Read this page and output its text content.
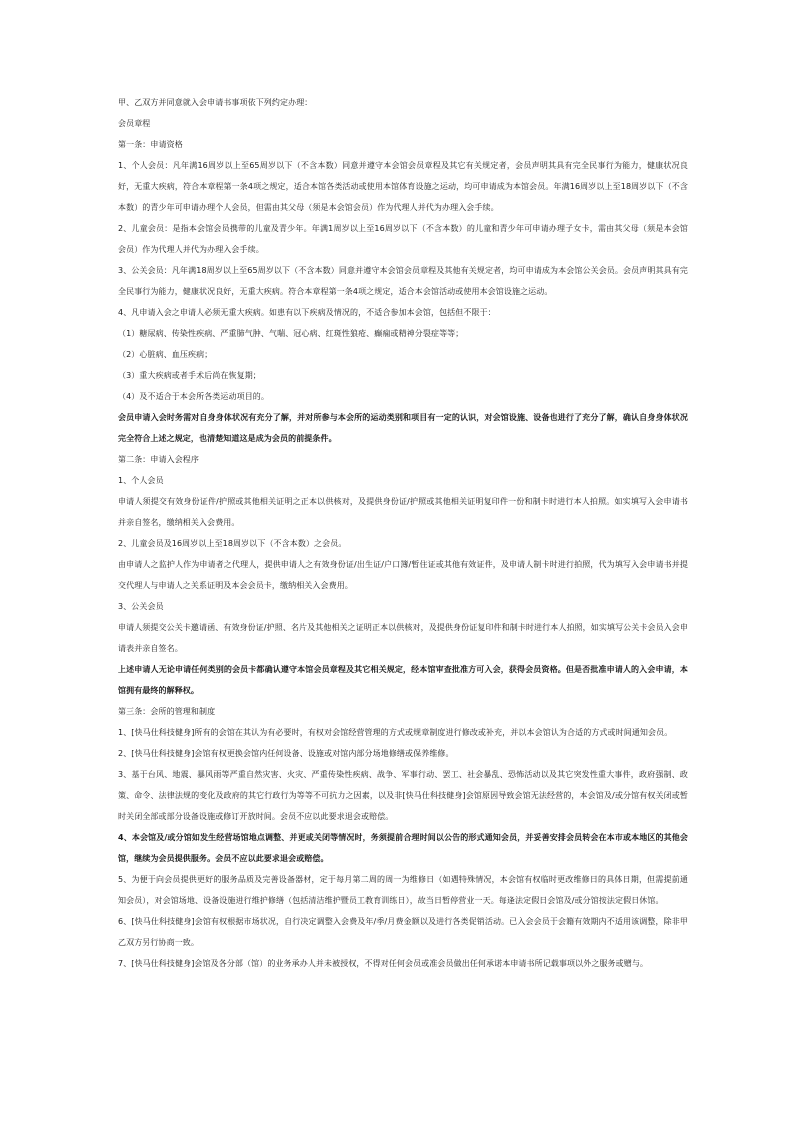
甲、乙双方并同意就入会申请书事项依下列约定办理：

会员章程

第一条：申请资格

1、个人会员：凡年满16周岁以上至65周岁以下（不含本数）同意并遵守本会馆会员章程及其它有关规定者，会员声明其具有完全民事行为能力，健康状况良好，无重大疾病，符合本章程第一条4项之规定，适合本馆各类活动或使用本馆体育设施之运动，均可申请成为本馆会员。年满16周岁以上至18周岁以下（不含本数）的青少年可申请办理个人会员，但需由其父母（须是本会馆会员）作为代理人并代为办理入会手续。

2、儿童会员：是指本会馆会员携带的儿童及青少年。年满1周岁以上至16周岁以下（不含本数）的儿童和青少年可申请办理子女卡，需由其父母（须是本会馆会员）作为代理人并代为办理入会手续。

3、公关会员：凡年满18周岁以上至65周岁以下（不含本数）同意并遵守本会馆会员章程及其他有关规定者，均可申请成为本会馆公关会员。会员声明其具有完全民事行为能力，健康状况良好，无重大疾病。符合本章程第一条4项之规定，适合本会馆活动或使用本会馆设施之运动。

4、凡申请入会之申请人必须无重大疾病。如患有以下疾病及情况的，不适合参加本会馆，包括但不限于：

（1）糖尿病、传染性疾病、严重肺气肿、气喘、冠心病、红斑性狼疮、癫痫或精神分裂症等等；

（2）心脏病、血压疾病；

（3）重大疾病或者手术后尚在恢复期；

（4）及不适合于本会所各类运动项目的。

会员申请入会时务需对自身身体状况有充分了解，并对所参与本会所的运动类别和项目有一定的认识，对会馆设施、设备也进行了充分了解，确认自身身体状况完全符合上述之规定，也清楚知道这是成为会员的前提条件。

第二条：申请入会程序

1、个人会员

申请人须提交有效身份证件/护照或其他相关证明之正本以供核对，及提供身份证/护照或其他相关证明复印件一份和制卡时进行本人拍照。如实填写入会申请书并亲自签名，缴纳相关入会费用。

2、儿童会员及16周岁以上至18周岁以下（不含本数）之会员。

由申请人之监护人作为申请者之代理人，提供申请人之有效身份证/出生证/户口簿/暂住证或其他有效证件，及申请人制卡时进行拍照，代为填写入会申请书并提交代理人与申请人之关系证明及本会会员卡，缴纳相关入会费用。

3、公关会员

申请人须提交公关卡邀请函、有效身份证/护照、名片及其他相关之证明正本以供核对，及提供身份证复印件和制卡时进行本人拍照，如实填写公关卡会员入会申请表并亲自签名。

上述申请人无论申请任何类别的会员卡都确认遵守本馆会员章程及其它相关规定，经本馆审查批准方可入会，获得会员资格。但是否批准申请人的入会申请，本馆拥有最终的解释权。

第三条：会所的管理和制度

1、[快马仕科技健身]所有的会馆在其认为有必要时，有权对会馆经营管理的方式或规章制度进行修改或补充，并以本会馆认为合适的方式或时间通知会员。

2、[快马仕科技健身]会馆有权更换会馆内任何设备、设施或对馆内部分场地修缮或保养维修。

3、基于台风、地震、暴风雨等严重自然灾害、火灾、严重传染性疾病、战争、军事行动、罢工、社会暴乱、恐怖活动以及其它突发性重大事件，政府强制、政策、命令、法律法规的变化及政府的其它行政行为等等不可抗力之因素，以及非[快马仕科技健身]会馆原因导致会馆无法经营的，本会馆及/或分馆有权关闭或暂时关闭全部或部分设备设施或修订开放时间。会员不应以此要求退会或赔偿。

4、本会馆及/或分馆如发生经营场馆地点调整、并更或关闭等情况时，务须提前合理时间以公告的形式通知会员，并妥善安排会员转会在本市或本地区的其他会馆，继续为会员提供服务。会员不应以此要求退会或赔偿。

5、为便于向会员提供更好的服务品质及完善设备器材，定于每月第二周的周一为维修日（如遇特殊情况，本会馆有权临时更改维修日的具体日期，但需提前通知会员），对会馆场地、设备设施进行维护修缮（包括清洁维护暨员工教育训练日），故当日暂停营业一天。每逢法定假日会馆及/或分馆按法定假日休馆。

6、[快马仕科技健身]会馆有权根据市场状况，自行决定调整入会费及年/季/月费金额以及进行各类促销活动。已入会会员于会籍有效期内不适用该调整，除非甲乙双方另行协商一致。

7、[快马仕科技健身]会馆及各分部（馆）的业务承办人并未被授权，不得对任何会员或准会员做出任何承诺本申请书所记载事项以外之服务或赠与。
